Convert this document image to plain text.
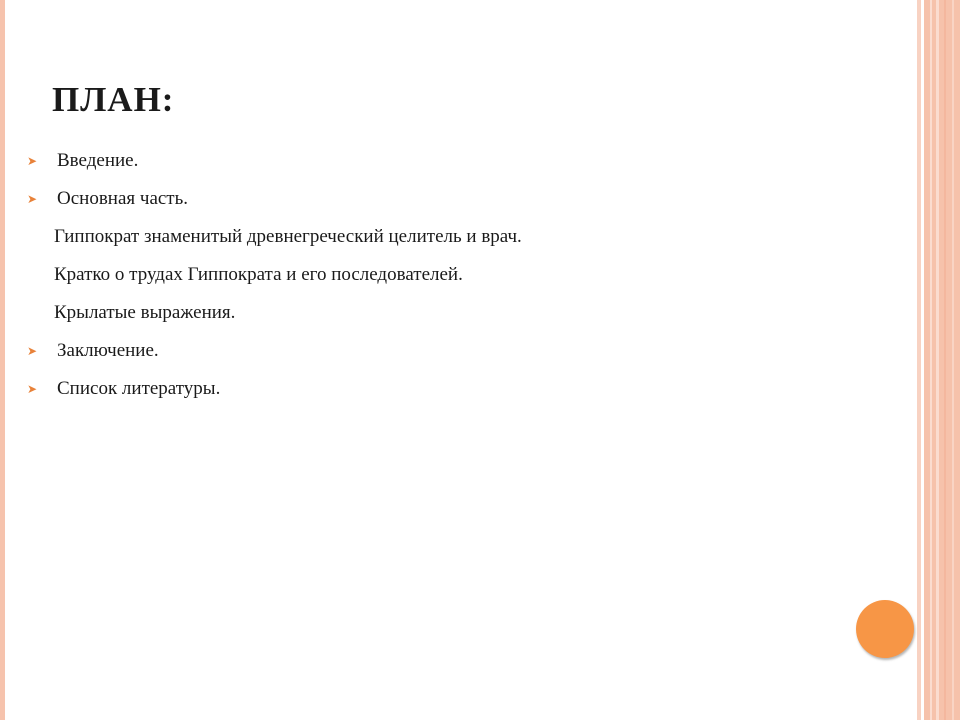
ПЛАН:
➤ Введение.
➤ Основная часть.
Гиппократ знаменитый древнегреческий целитель и врач.
Кратко о трудах Гиппократа и его последователей.
Крылатые выражения.
➤ Заключение.
➤ Список литературы.
